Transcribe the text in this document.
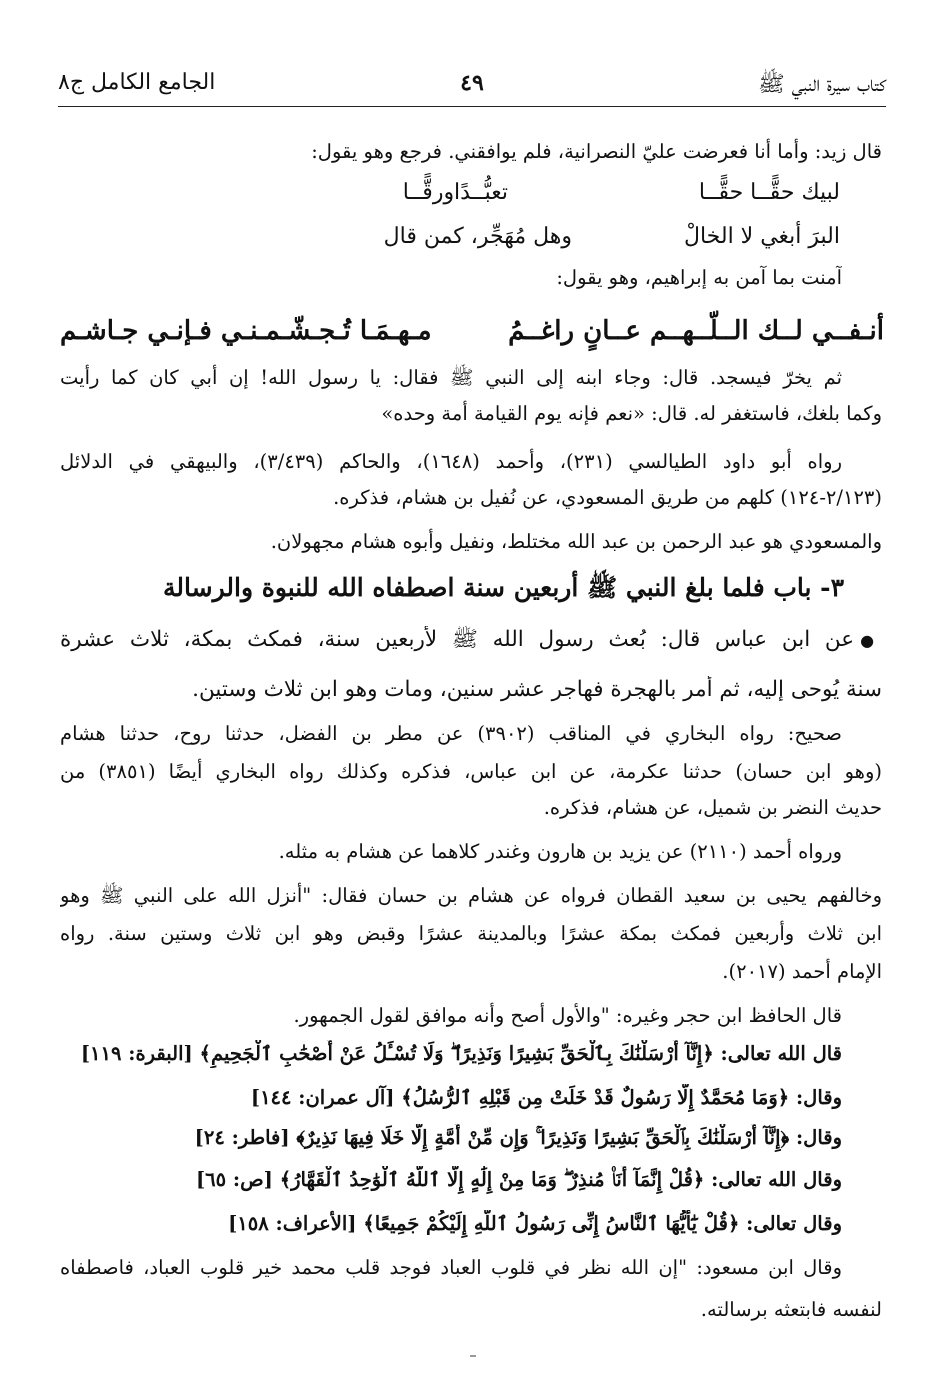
كتاب سيرة النبي ﷺ
٤٩
الجامع الكامل ج٨
قال زيد: وأما أنا فعرضت عليّ النصرانية، فلم يوافقني. فرجع وهو يقول:
لبيك حقًّــا حقًّــا
تعبُّــدًاورقًّــا
البرَ أبغي لا الخالْ
وهل مُهَجِّر، كمن قال
آمنت بما آمن به إبراهيم، وهو يقول:
أنـفــي لــك الــلّــهــم عــانٍ راغــمُ
مـهـمَـا تُـجـشّـمـنـي فـإنـي جـاشـم
ثم يخرّ فيسجد. قال: وجاء ابنه إلى النبي ﷺ فقال: يا رسول الله! إن أبي كان كما رأيت
وكما بلغك، فاستغفر له. قال: «نعم فإنه يوم القيامة أمة وحده»
رواه أبو داود الطيالسي (٢٣١)، وأحمد (١٦٤٨)، والحاكم (٣/٤٣٩)، والبيهقي في الدلائل
(٢/١٢٣-١٢٤) كلهم من طريق المسعودي، عن نُفيل بن هشام، فذكره.
والمسعودي هو عبد الرحمن بن عبد الله مختلط، ونفيل وأبوه هشام مجهولان.
٣- باب فلما بلغ النبي ﷺ أربعين سنة اصطفاه الله للنبوة والرسالة
●عن ابن عباس قال: بُعث رسول الله ﷺ لأربعين سنة، فمكث بمكة، ثلاث عشرة
سنة يُوحى إليه، ثم أمر بالهجرة فهاجر عشر سنين، ومات وهو ابن ثلاث وستين.
صحيح: رواه البخاري في المناقب (٣٩٠٢) عن مطر بن الفضل، حدثنا روح، حدثنا هشام
(وهو ابن حسان) حدثنا عكرمة، عن ابن عباس، فذكره وكذلك رواه البخاري أيضًا (٣٨٥١) من
حديث النضر بن شميل، عن هشام، فذكره.
ورواه أحمد (٢١١٠) عن يزيد بن هارون وغندر كلاهما عن هشام به مثله.
وخالفهم يحيى بن سعيد القطان فرواه عن هشام بن حسان فقال: "أنزل الله على النبي ﷺ وهو
ابن ثلاث وأربعين فمكث بمكة عشرًا وبالمدينة عشرًا وقبض وهو ابن ثلاث وستين سنة. رواه
الإمام أحمد (٢٠١٧).
قال الحافظ ابن حجر وغيره: "والأول أصح وأنه موافق لقول الجمهور.
قال الله تعالى: ﴿إِنَّآ أَرْسَلْنَٰكَ بِٱلْحَقِّ بَشِيرًا وَنَذِيرًا ۖ وَلَا تُسْـَٔلُ عَنْ أَصْحَٰبِ ٱلْجَحِيمِ﴾ [البقرة: ١١٩]
وقال: ﴿وَمَا مُحَمَّدٌ إِلَّا رَسُولٌ قَدْ خَلَتْ مِن قَبْلِهِ ٱلرُّسُلُ﴾ [آل عمران: ١٤٤]
وقال: ﴿إِنَّآ أَرْسَلْنَٰكَ بِٱلْحَقِّ بَشِيرًا وَنَذِيرًا ۚ وَإِن مِّنْ أُمَّةٍ إِلَّا خَلَا فِيهَا نَذِيرٌ﴾ [فاطر: ٢٤]
وقال الله تعالى: ﴿قُلْ إِنَّمَآ أَنَا۠ مُنذِرٌ ۖ وَمَا مِنْ إِلَٰهٍ إِلَّا ٱللَّهُ ٱلْوَٰحِدُ ٱلْقَهَّارُ﴾ [ص: ٦٥]
وقال تعالى: ﴿قُلْ يَٰٓأَيُّهَا ٱلنَّاسُ إِنِّى رَسُولُ ٱللَّهِ إِلَيْكُمْ جَمِيعًا﴾ [الأعراف: ١٥٨]
وقال ابن مسعود: "إن الله نظر في قلوب العباد فوجد قلب محمد خير قلوب العباد، فاصطفاه
لنفسه فابتعثه برسالته.
